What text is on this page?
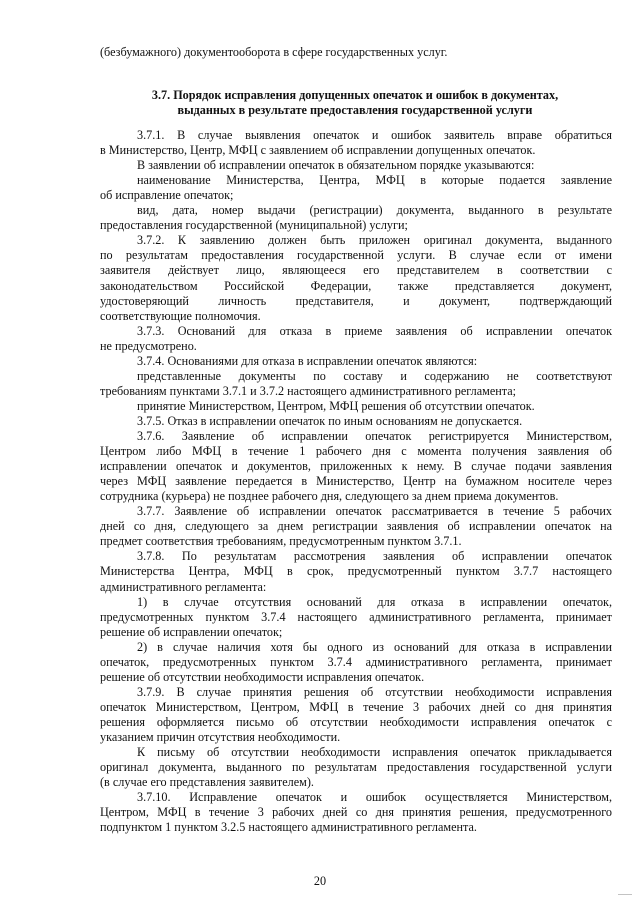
(безбумажного) документооборота в сфере государственных услуг.
3.7. Порядок исправления допущенных опечаток и ошибок в документах,
выданных в результате предоставления государственной услуги
3.7.1. В случае выявления опечаток и ошибок заявитель вправе обратиться
в Министерство, Центр, МФЦ с заявлением об исправлении допущенных опечаток.
В заявлении об исправлении опечаток в обязательном порядке указываются:
наименование Министерства, Центра, МФЦ в которые подается заявление
об исправление опечаток;
вид, дата, номер выдачи (регистрации) документа, выданного в результате
предоставления государственной (муниципальной) услуги;
3.7.2. К заявлению должен быть приложен оригинал документа, выданного
по результатам предоставления государственной услуги. В случае если от имени
заявителя действует лицо, являющееся его представителем в соответствии с
законодательством Российской Федерации, также представляется документ,
удостоверяющий личность представителя, и документ, подтверждающий
соответствующие полномочия.
3.7.3. Оснований для отказа в приеме заявления об исправлении опечаток
не предусмотрено.
3.7.4. Основаниями для отказа в исправлении опечаток являются:
представленные документы по составу и содержанию не соответствуют
требованиям пунктами 3.7.1 и 3.7.2 настоящего административного регламента;
принятие Министерством, Центром, МФЦ решения об отсутствии опечаток.
3.7.5. Отказ в исправлении опечаток по иным основаниям не допускается.
3.7.6. Заявление об исправлении опечаток регистрируется Министерством,
Центром либо МФЦ в течение 1 рабочего дня с момента получения заявления об
исправлении опечаток и документов, приложенных к нему. В случае подачи заявления
через МФЦ заявление передается в Министерство, Центр на бумажном носителе через
сотрудника (курьера) не позднее рабочего дня, следующего за днем приема документов.
3.7.7. Заявление об исправлении опечаток рассматривается в течение 5 рабочих
дней со дня, следующего за днем регистрации заявления об исправлении опечаток на
предмет соответствия требованиям, предусмотренным пунктом 3.7.1.
3.7.8. По результатам рассмотрения заявления об исправлении опечаток
Министерства Центра, МФЦ в срок, предусмотренный пунктом 3.7.7 настоящего
административного регламента:
1) в случае отсутствия оснований для отказа в исправлении опечаток,
предусмотренных пунктом 3.7.4 настоящего административного регламента, принимает
решение об исправлении опечаток;
2) в случае наличия хотя бы одного из оснований для отказа в исправлении
опечаток, предусмотренных пунктом 3.7.4 административного регламента, принимает
решение об отсутствии необходимости исправления опечаток.
3.7.9. В случае принятия решения об отсутствии необходимости исправления
опечаток Министерством, Центром, МФЦ в течение 3 рабочих дней со дня принятия
решения оформляется письмо об отсутствии необходимости исправления опечаток с
указанием причин отсутствия необходимости.
К письму об отсутствии необходимости исправления опечаток прикладывается
оригинал документа, выданного по результатам предоставления государственной услуги
(в случае его представления заявителем).
3.7.10. Исправление опечаток и ошибок осуществляется Министерством,
Центром, МФЦ в течение 3 рабочих дней со дня принятия решения, предусмотренного
подпунктом 1 пунктом 3.2.5 настоящего административного регламента.
20
